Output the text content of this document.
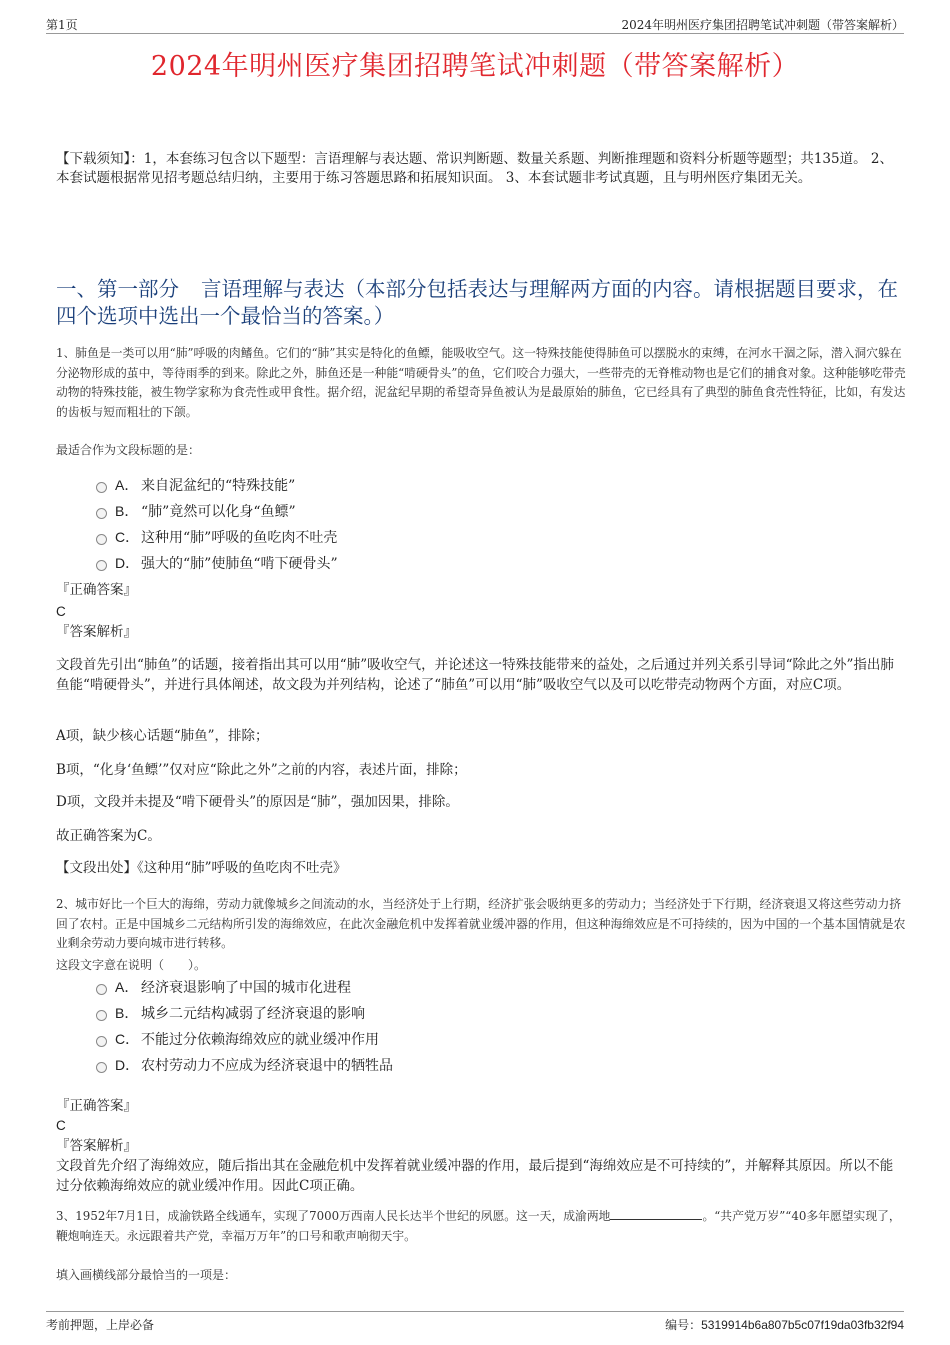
第1页	2024年明州医疗集团招聘笔试冲刺题（带答案解析）
2024年明州医疗集团招聘笔试冲刺题（带答案解析）
【下载须知】：1，本套练习包含以下题型：言语理解与表达题、常识判断题、数量关系题、判断推理题和资料分析题等题型；共135道。 2、本套试题根据常见招考题总结归纳，主要用于练习答题思路和拓展知识面。 3、本套试题非考试真题，且与明州医疗集团无关。
一、第一部分 言语理解与表达（本部分包括表达与理解两方面的内容。请根据题目要求，在四个选项中选出一个最恰当的答案。）
1、肺鱼是一类可以用“肺”呼吸的肉鳍鱼。它们的“肺”其实是特化的鱼鳔，能吸收空气。这一特殊技能使得肺鱼可以摆脱水的束缚，在河水干涸之际，潜入洞穴躲在分泌物形成的茧中，等待雨季的到来。除此之外，肺鱼还是一种能“啃硬骨头”的鱼，它们咬合力强大，一些带壳的无脊椎动物也是它们的捕食对象。这种能够吃带壳动物的特殊技能，被生物学家称为食壳性或甲食性。据介绍，泥盆纪早期的希望奇异鱼被认为是最原始的肺鱼，它已经具有了典型的肺鱼食壳性特征，比如，有发达的齿板与短而粗壮的下颌。
最适合作为文段标题的是：
A． 来自泥盆纪的“特殊技能”
B． “肺”竟然可以化身“鱼鳔”
C． 这种用“肺”呼吸的鱼吃肉不吐壳
D． 强大的“肺”使肺鱼“啃下硬骨头”
『正确答案』
C
『答案解析』
文段首先引出“肺鱼”的话题，接着指出其可以用“肺”吸收空气，并论述这一特殊技能带来的益处，之后通过并列关系引导词“除此之外”指出肺鱼能“啃硬骨头”，并进行具体阐述，故文段为并列结构，论述了“肺鱼”可以用“肺”吸收空气以及可以吃带壳动物两个方面，对应C项。
A项，缺少核心话题“肺鱼”，排除；
B项，“化身‘鱼鳔’”仅对应“除此之外”之前的内容，表述片面，排除；
D项，文段并未提及“啃下硬骨头”的原因是“肺”，强加因果，排除。
故正确答案为C。
【文段出处】《这种用“肺”呼吸的鱼吃肉不吐壳》
2、城市好比一个巨大的海绵，劳动力就像城乡之间流动的水，当经济处于上行期，经济扩张会吸纳更多的劳动力；当经济处于下行期，经济衰退又将这些劳动力挤回了农村。正是中国城乡二元结构所引发的海绵效应，在此次金融危机中发挥着就业缓冲器的作用，但这种海绵效应是不可持续的，因为中国的一个基本国情就是农业剩余劳动力要向城市进行转移。
这段文字意在说明（　　）。
A． 经济衰退影响了中国的城市化进程
B． 城乡二元结构减弱了经济衰退的影响
C． 不能过分依赖海绵效应的就业缓冲作用
D． 农村劳动力不应成为经济衰退中的牺牲品
『正确答案』
C
『答案解析』
文段首先介绍了海绵效应，随后指出其在金融危机中发挥着就业缓冲器的作用，最后提到“海绵效应是不可持续的”，并解释其原因。所以不能过分依赖海绵效应的就业缓冲作用。因此C项正确。
3、1952年7月1日，成渝铁路全线通车，实现了7000万西南人民长达半个世纪的夙愿。这一天，成渝两地	。“共产党万岁”“40多年愿望实现了，鞭炮响连天。永远跟着共产党，幸福万万年”的口号和歌声响彻天宇。
填入画横线部分最恰当的一项是：
考前押题，上岸必备	编号：5319914b6a807b5c07f19da03fb32f94
